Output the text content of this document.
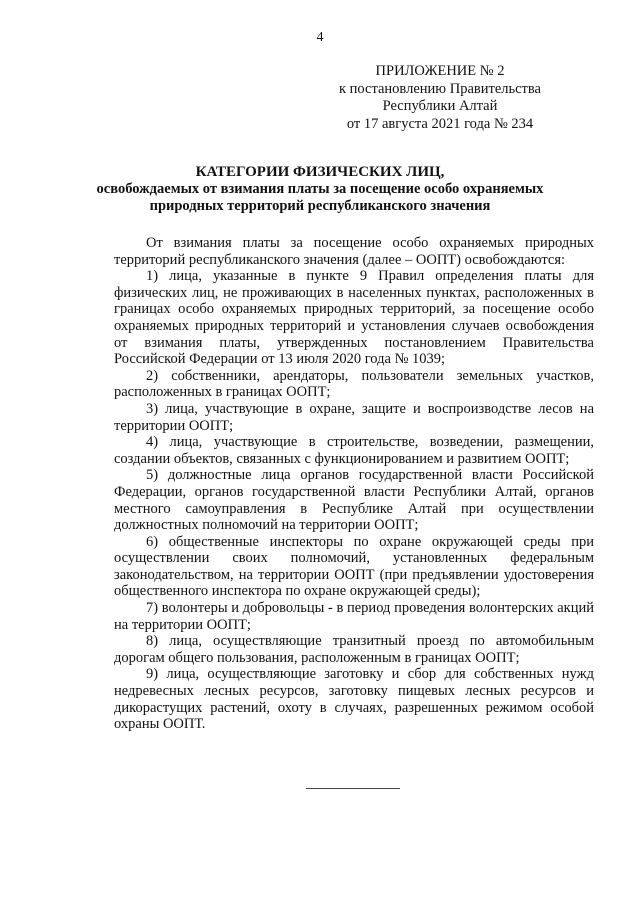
4
ПРИЛОЖЕНИЕ № 2
к постановлению Правительства
Республики Алтай
от 17 августа 2021 года № 234
КАТЕГОРИИ ФИЗИЧЕСКИХ ЛИЦ,
освобождаемых от взимания платы за посещение особо охраняемых
природных территорий республиканского значения

От взимания платы за посещение особо охраняемых природных территорий республиканского значения (далее – ООПТ) освобождаются:

1) лица, указанные в пункте 9 Правил определения платы для физических лиц, не проживающих в населенных пунктах, расположенных в границах особо охраняемых природных территорий, за посещение особо охраняемых природных территорий и установления случаев освобождения от взимания платы, утвержденных постановлением Правительства Российской Федерации от 13 июля 2020 года № 1039;

2) собственники, арендаторы, пользователи земельных участков, расположенных в границах ООПТ;

3) лица, участвующие в охране, защите и воспроизводстве лесов на территории ООПТ;

4) лица, участвующие в строительстве, возведении, размещении, создании объектов, связанных с функционированием и развитием ООПТ;

5) должностные лица органов государственной власти Российской Федерации, органов государственной власти Республики Алтай, органов местного самоуправления в Республике Алтай при осуществлении должностных полномочий на территории ООПТ;

6) общественные инспекторы по охране окружающей среды при осуществлении своих полномочий, установленных федеральным законодательством, на территории ООПТ (при предъявлении удостоверения общественного инспектора по охране окружающей среды);

7) волонтеры и добровольцы - в период проведения волонтерских акций на территории ООПТ;

8) лица, осуществляющие транзитный проезд по автомобильным дорогам общего пользования, расположенным в границах ООПТ;

9) лица, осуществляющие заготовку и сбор для собственных нужд недревесных лесных ресурсов, заготовку пищевых лесных ресурсов и дикорастущих растений, охоту в случаях, разрешенных режимом особой охраны ООПТ.
